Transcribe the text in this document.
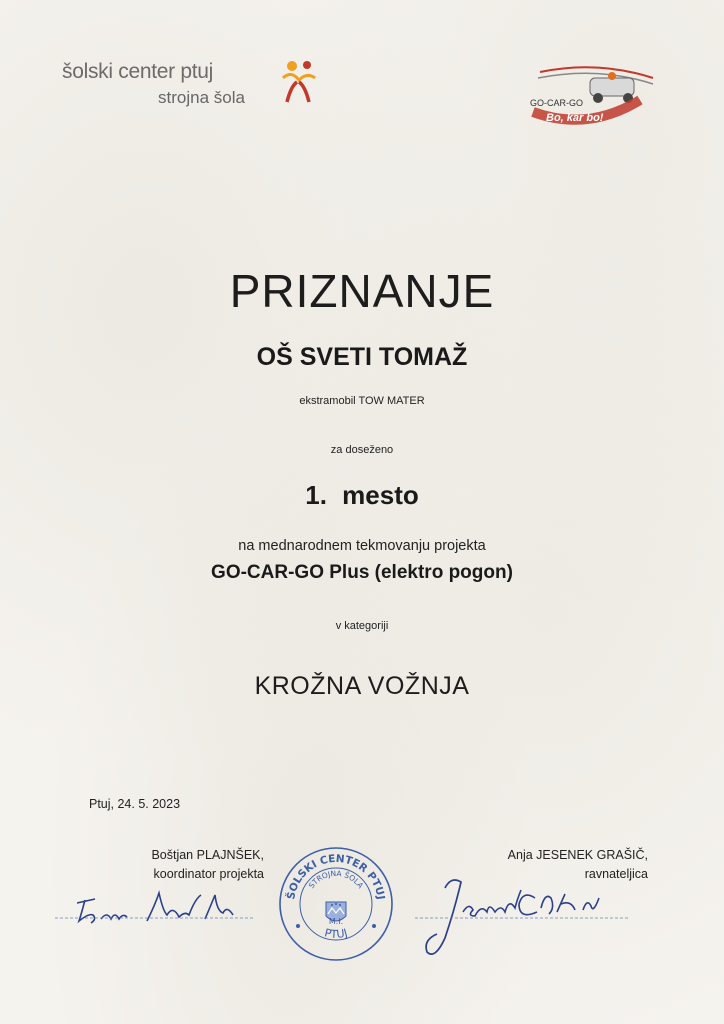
šolski center ptuj
strojna šola	GO-CAR-GO
Bo, kar bo!
PRIZNANJE
OŠ SVETI TOMAŽ
ekstramobil TOW MATER
za doseženo
1. mesto
na mednarodnem tekmovanju projekta
GO-CAR-GO Plus (elektro pogon)
v kategoriji
KROŽNA VOŽNJA
Ptuj, 24. 5. 2023
Boštjan PLAJNŠEK,
koordinator projekta
Anja JESENEK GRAŠIČ,
ravnateljica
ŠOLSKI CENTER PTUJ
STROJNA ŠOLA
PTUJ
M.I.
